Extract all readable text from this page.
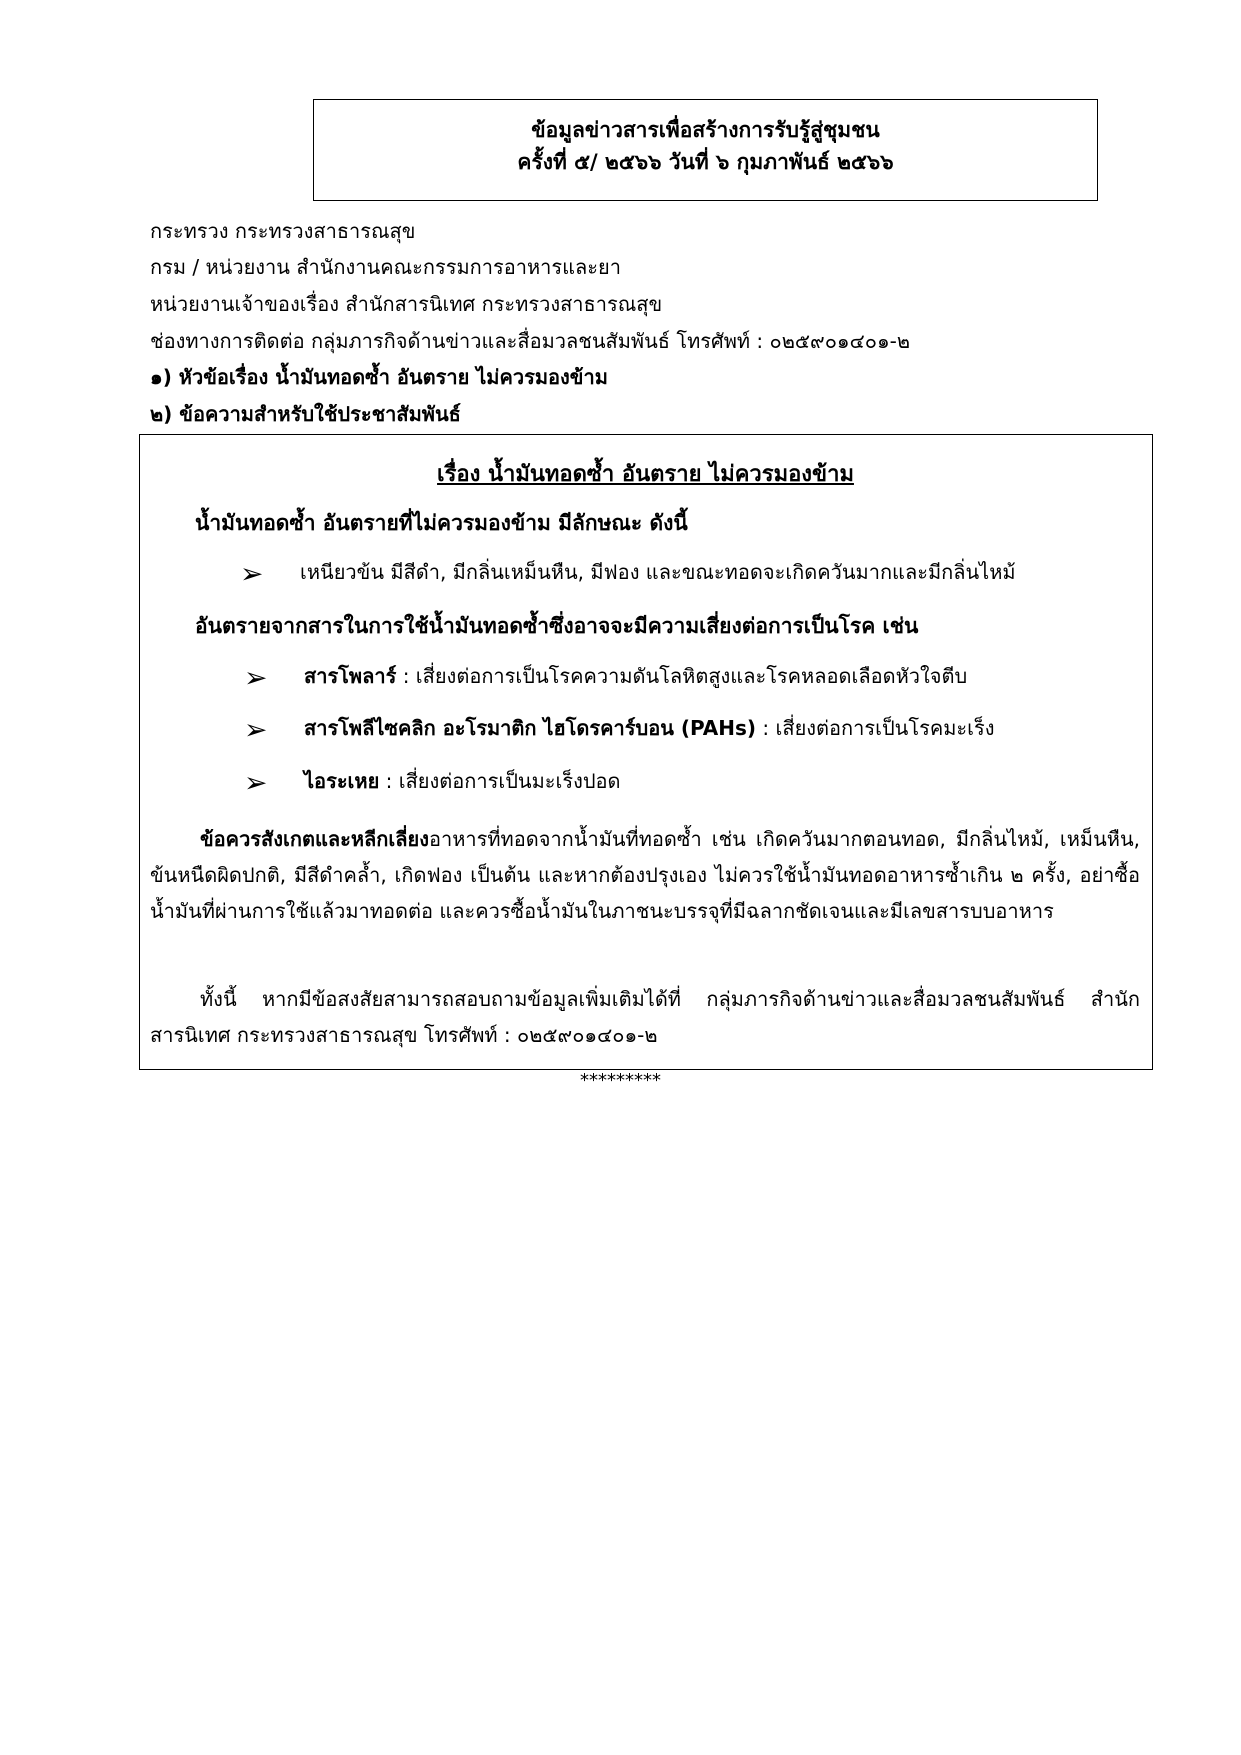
ข้อมูลข่าวสารเพื่อสร้างการรับรู้สู่ชุมชน
ครั้งที่ ๕/ ๒๕๖๖ วันที่ ๖ กุมภาพันธ์ ๒๕๖๖
กระทรวง กระทรวงสาธารณสุข
กรม / หน่วยงาน สำนักงานคณะกรรมการอาหารและยา
หน่วยงานเจ้าของเรื่อง สำนักสารนิเทศ กระทรวงสาธารณสุข
ช่องทางการติดต่อ กลุ่มภารกิจด้านข่าวและสื่อมวลชนสัมพันธ์ โทรศัพท์ : ๐๒๕๙๐๑๔๐๑-๒
๑) หัวข้อเรื่อง น้ำมันทอดซ้ำ อันตราย ไม่ควรมองข้าม
๒) ข้อความสำหรับใช้ประชาสัมพันธ์
เรื่อง น้ำมันทอดซ้ำ อันตราย ไม่ควรมองข้าม
น้ำมันทอดซ้ำ อันตรายที่ไม่ควรมองข้าม มีลักษณะ ดังนี้
➢ เหนียวข้น มีสีดำ, มีกลิ่นเหม็นหืน, มีฟอง และขณะทอดจะเกิดควันมากและมีกลิ่นไหม้
อันตรายจากสารในการใช้น้ำมันทอดซ้ำซึ่งอาจจะมีความเสี่ยงต่อการเป็นโรค เช่น
➢ สารโพลาร์ : เสี่ยงต่อการเป็นโรคความดันโลหิตสูงและโรคหลอดเลือดหัวใจตีบ
➢ สารโพลีไซคลิก อะโรมาติก ไฮโดรคาร์บอน (PAHs) : เสี่ยงต่อการเป็นโรคมะเร็ง
➢ ไอระเหย : เสี่ยงต่อการเป็นมะเร็งปอด
ข้อควรสังเกตและหลีกเลี่ยงอาหารที่ทอดจากน้ำมันที่ทอดซ้ำ เช่น เกิดควันมากตอนทอด, มีกลิ่นไหม้, เหม็นหืน, ข้นหนืดผิดปกติ, มีสีดำคล้ำ, เกิดฟอง เป็นต้น และหากต้องปรุงเอง ไม่ควรใช้น้ำมันทอดอาหารซ้ำเกิน ๒ ครั้ง, อย่าซื้อน้ำมันที่ผ่านการใช้แล้วมาทอดต่อ และควรซื้อน้ำมันในภาชนะบรรจุที่มีฉลากชัดเจนและมีเลขสารบบอาหาร
ทั้งนี้ หากมีข้อสงสัยสามารถสอบถามข้อมูลเพิ่มเติมได้ที่ กลุ่มภารกิจด้านข่าวและสื่อมวลชนสัมพันธ์ สำนักสารนิเทศ กระทรวงสาธารณสุข โทรศัพท์ : ๐๒๕๙๐๑๔๐๑-๒
*********
